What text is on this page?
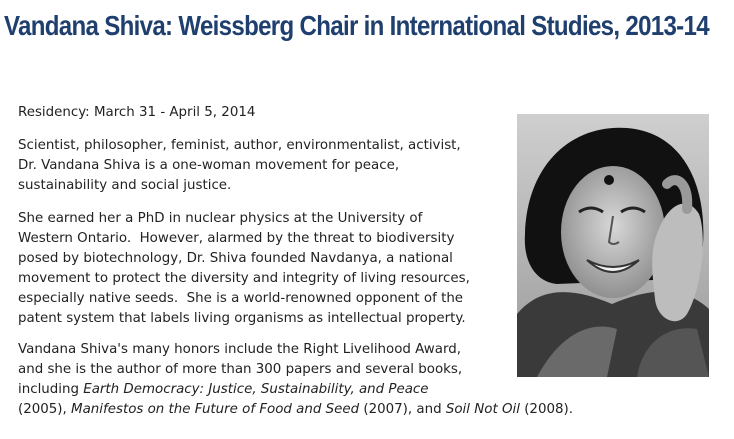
Vandana Shiva: Weissberg Chair in International Studies, 2013-14

Residency: March 31 - April 5, 2014

Scientist, philosopher, feminist, author, environmentalist, activist,
Dr. Vandana Shiva is a one-woman movement for peace,
sustainability and social justice.

She earned her a PhD in nuclear physics at the University of
Western Ontario.  However, alarmed by the threat to biodiversity
posed by biotechnology, Dr. Shiva founded Navdanya, a national
movement to protect the diversity and integrity of living resources,
especially native seeds.  She is a world-renowned opponent of the
patent system that labels living organisms as intellectual property.

Vandana Shiva's many honors include the Right Livelihood Award,
and she is the author of more than 300 papers and several books,
including Earth Democracy: Justice, Sustainability, and Peace
(2005), Manifestos on the Future of Food and Seed (2007), and Soil Not Oil (2008).
